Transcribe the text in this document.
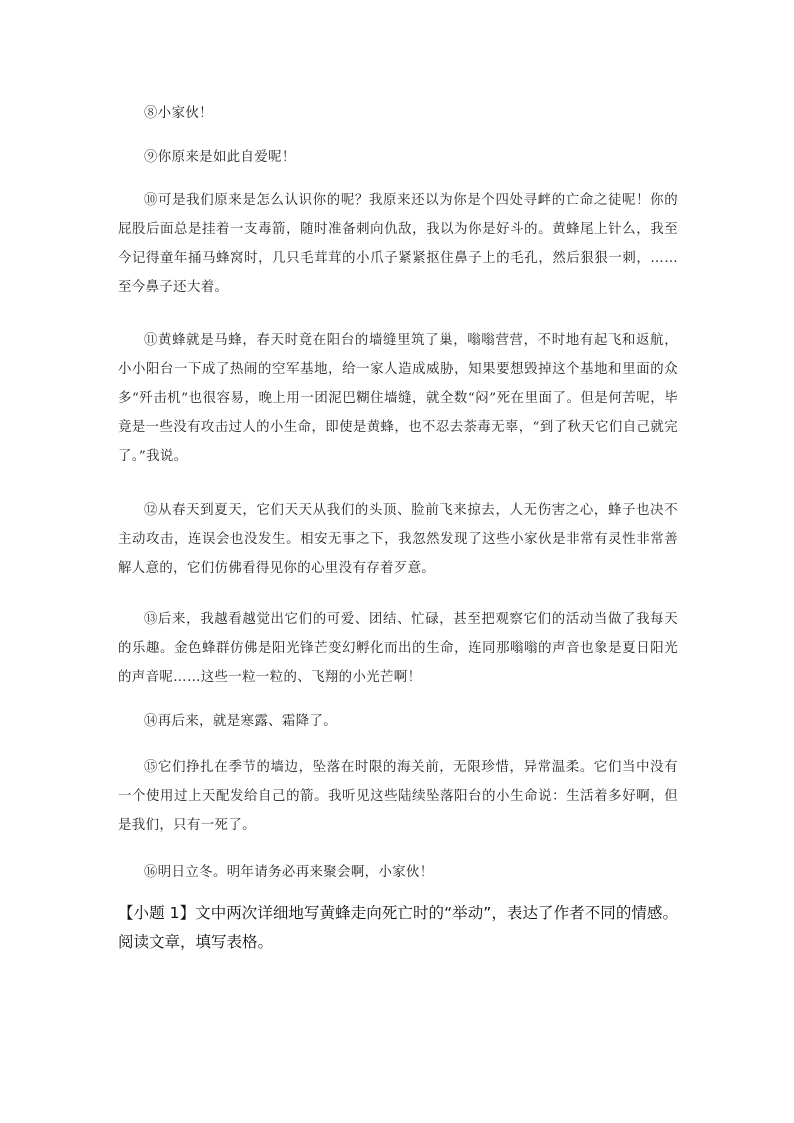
⑧小家伙！

⑨你原来是如此自爱呢！

⑩可是我们原来是怎么认识你的呢？我原来还以为你是个四处寻衅的亡命之徒呢！你的屁股后面总是挂着一支毒箭，随时准备刺向仇敌，我以为你是好斗的。黄蜂尾上针么，我至今记得童年捅马蜂窝时，几只毛茸茸的小爪子紧紧抠住鼻子上的毛孔，然后狠狠一刺，……至今鼻子还大着。

⑪黄蜂就是马蜂，春天时竟在阳台的墙缝里筑了巢，嗡嗡营营，不时地有起飞和返航，小小阳台一下成了热闹的空军基地，给一家人造成威胁，知果要想毁掉这个基地和里面的众多“歼击机”也很容易，晚上用一团泥巴糊住墙缝，就全数“闷”死在里面了。但是何苦呢，毕竟是一些没有攻击过人的小生命，即使是黄蜂，也不忍去荼毒无辜，“到了秋天它们自己就完了。”我说。

⑫从春天到夏天，它们天天从我们的头顶、脸前飞来掠去，人无伤害之心，蜂子也决不主动攻击，连误会也没发生。相安无事之下，我忽然发现了这些小家伙是非常有灵性非常善解人意的，它们仿佛看得见你的心里没有存着歹意。

⑬后来，我越看越觉出它们的可爱、团结、忙碌，甚至把观察它们的活动当做了我每天的乐趣。金色蜂群仿佛是阳光锋芒变幻孵化而出的生命，连同那嗡嗡的声音也象是夏日阳光的声音呢……这些一粒一粒的、飞翔的小光芒啊！

⑭再后来，就是寒露、霜降了。

⑮它们挣扎在季节的墙边，坠落在时限的海关前，无限珍惜，异常温柔。它们当中没有一个使用过上天配发给自己的箭。我听见这些陆续坠落阳台的小生命说：生活着多好啊，但是我们，只有一死了。

⑯明日立冬。明年请务必再来聚会啊，小家伙！

【小题 1】文中两次详细地写黄蜂走向死亡时的“举动”，表达了作者不同的情感。阅读文章，填写表格。
